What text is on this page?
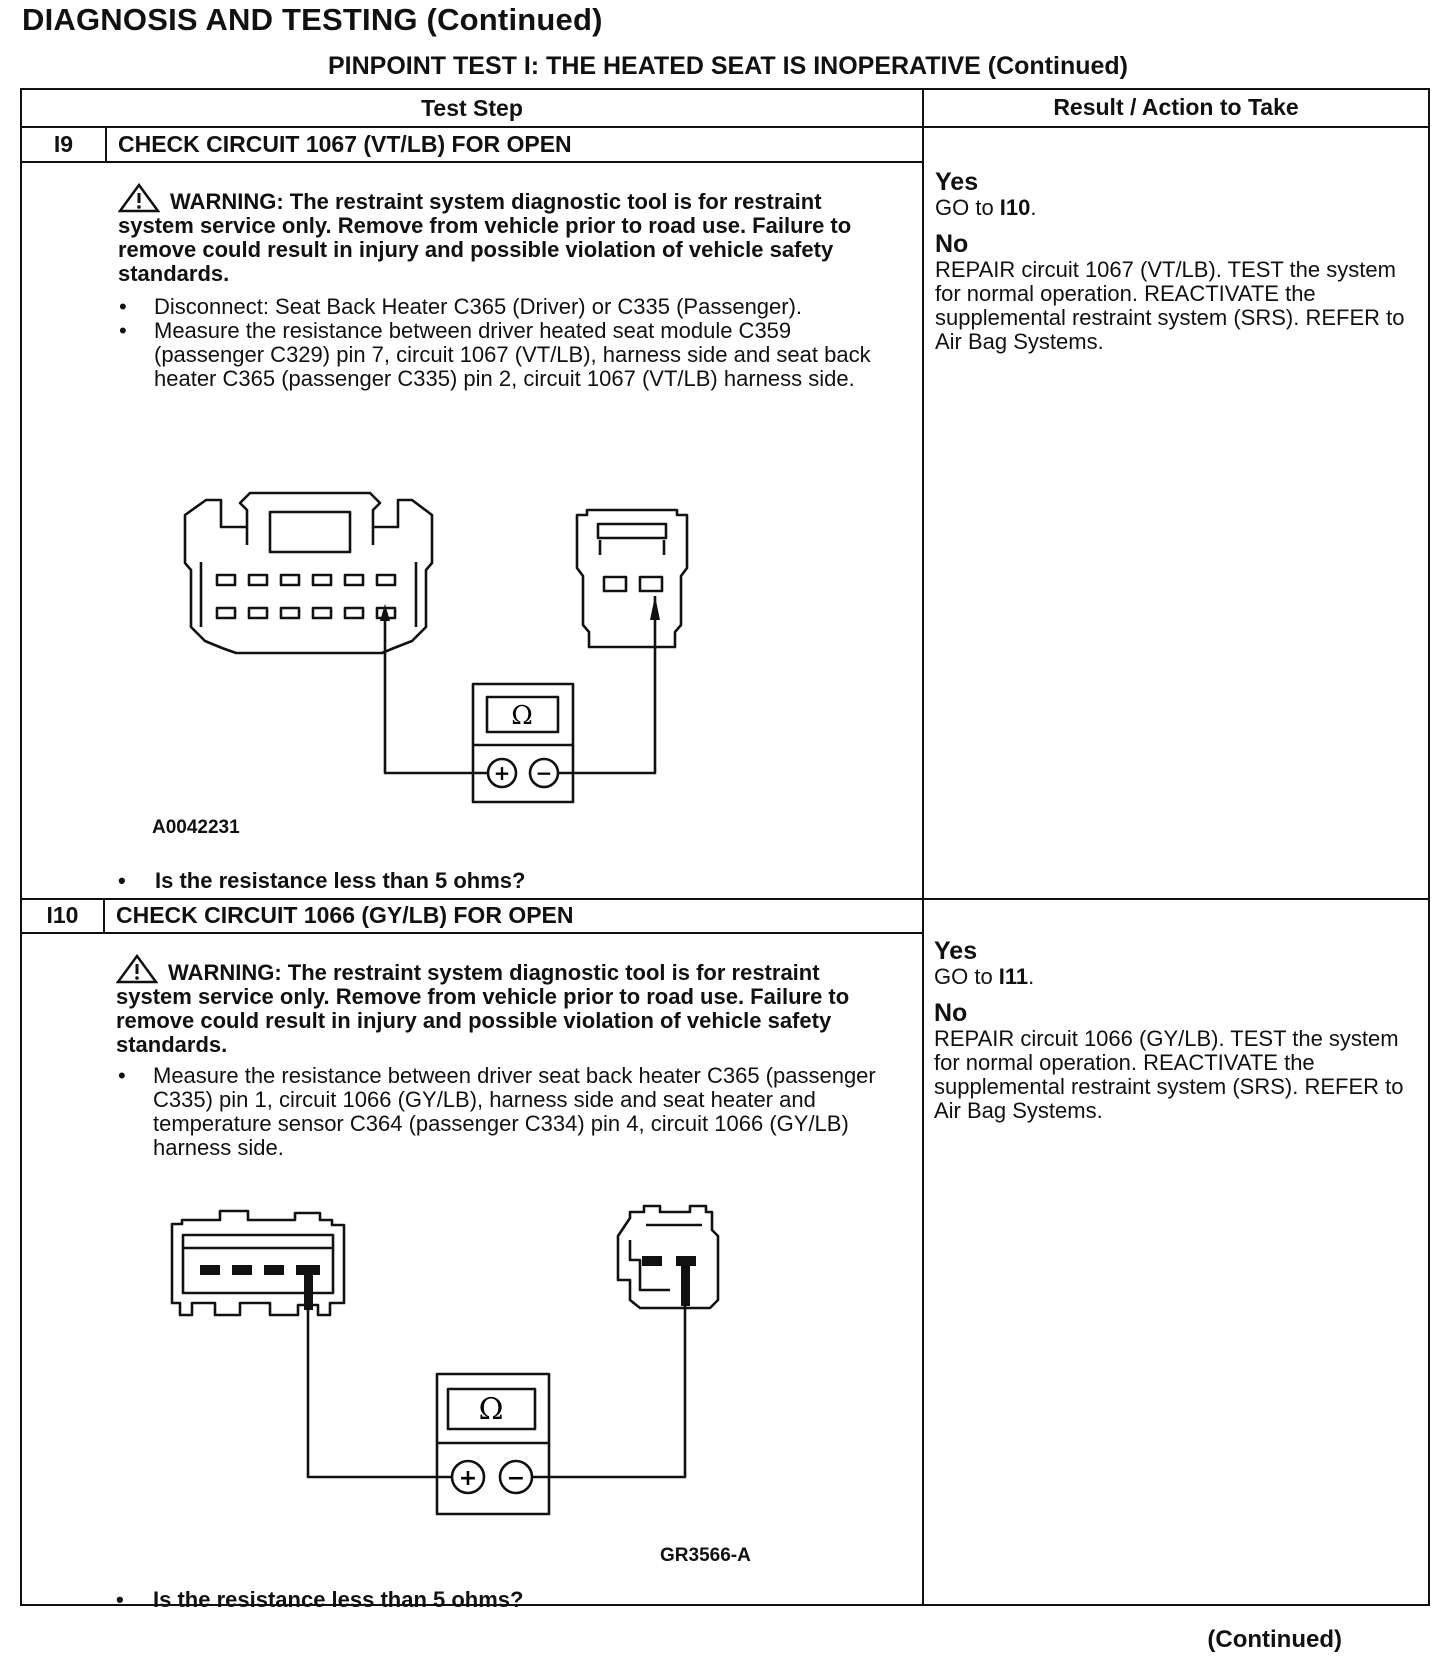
DIAGNOSIS AND TESTING (Continued)
PINPOINT TEST I: THE HEATED SEAT IS INOPERATIVE (Continued)
Test Step	Result / Action to Take
I9	CHECK CIRCUIT 1067 (VT/LB) FOR OPEN
WARNING: The restraint system diagnostic tool is for restraint system service only. Remove from vehicle prior to road use. Failure to remove could result in injury and possible violation of vehicle safety standards.
•	Disconnect: Seat Back Heater C365 (Driver) or C335 (Passenger).
•	Measure the resistance between driver heated seat module C359 (passenger C329) pin 7, circuit 1067 (VT/LB), harness side and seat back heater C365 (passenger C335) pin 2, circuit 1067 (VT/LB) harness side.
Ω
+ −
A0042231
• Is the resistance less than 5 ohms?
Yes
GO to I10.
No
REPAIR circuit 1067 (VT/LB). TEST the system for normal operation. REACTIVATE the supplemental restraint system (SRS). REFER to Air Bag Systems.
I10	CHECK CIRCUIT 1066 (GY/LB) FOR OPEN
WARNING: The restraint system diagnostic tool is for restraint system service only. Remove from vehicle prior to road use. Failure to remove could result in injury and possible violation of vehicle safety standards.
•	Measure the resistance between driver seat back heater C365 (passenger C335) pin 1, circuit 1066 (GY/LB), harness side and seat heater and temperature sensor C364 (passenger C334) pin 4, circuit 1066 (GY/LB) harness side.
Ω
+ −
GR3566-A
• Is the resistance less than 5 ohms?
Yes
GO to I11.
No
REPAIR circuit 1066 (GY/LB). TEST the system for normal operation. REACTIVATE the supplemental restraint system (SRS). REFER to Air Bag Systems.
(Continued)
